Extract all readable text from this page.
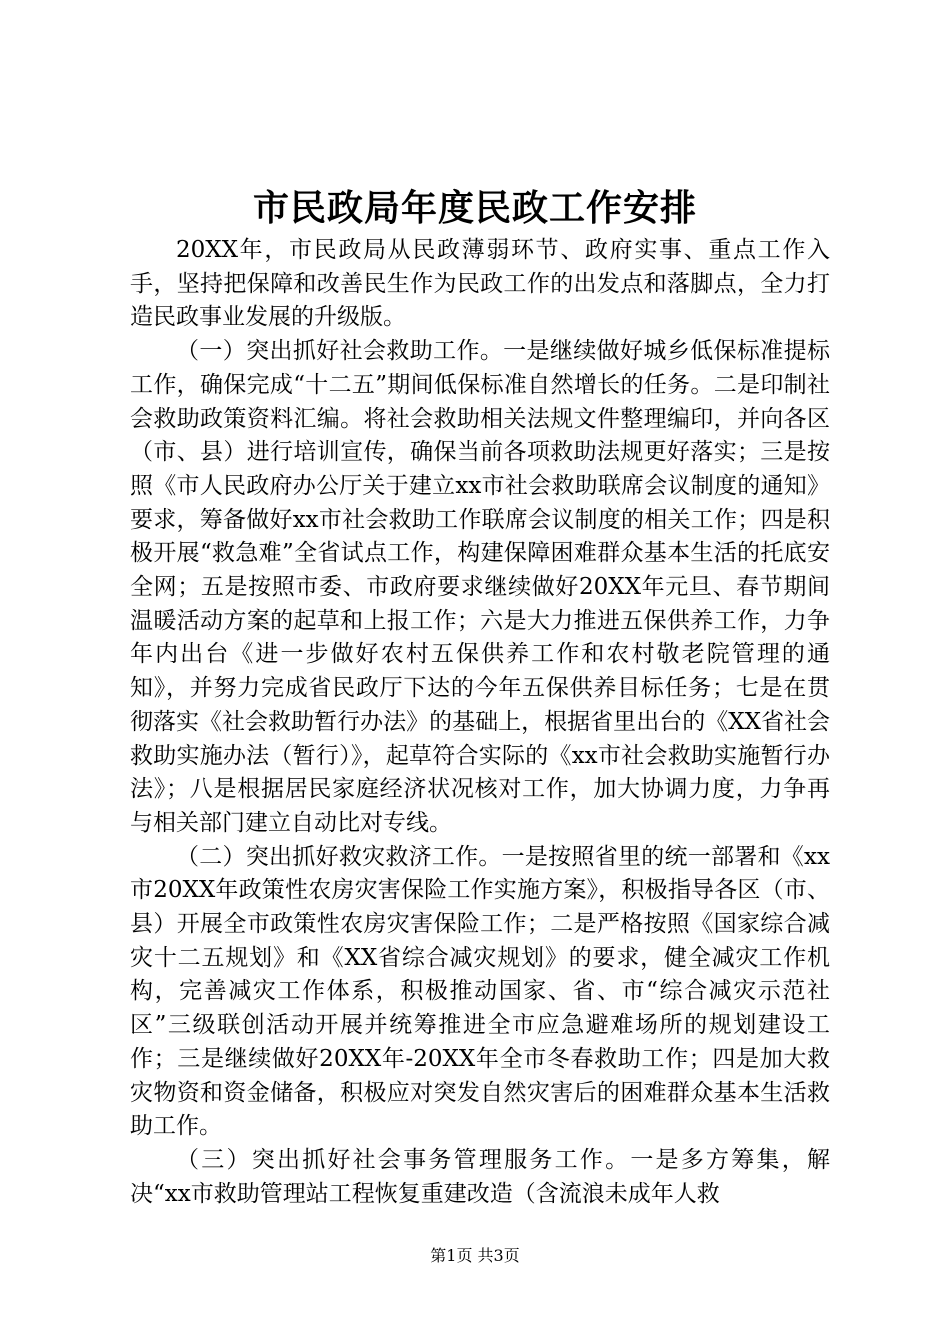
市民政局年度民政工作安排

20XX年，市民政局从民政薄弱环节、政府实事、重点工作入手，坚持把保障和改善民生作为民政工作的出发点和落脚点，全力打造民政事业发展的升级版。

（一）突出抓好社会救助工作。一是继续做好城乡低保标准提标工作，确保完成“十二五”期间低保标准自然增长的任务。二是印制社会救助政策资料汇编。将社会救助相关法规文件整理编印，并向各区（市、县）进行培训宣传，确保当前各项救助法规更好落实；三是按照《市人民政府办公厅关于建立xx市社会救助联席会议制度的通知》要求，筹备做好xx市社会救助工作联席会议制度的相关工作；四是积极开展“救急难”全省试点工作，构建保障困难群众基本生活的托底安全网；五是按照市委、市政府要求继续做好20XX年元旦、春节期间温暖活动方案的起草和上报工作；六是大力推进五保供养工作，力争年内出台《进一步做好农村五保供养工作和农村敬老院管理的通知》，并努力完成省民政厅下达的今年五保供养目标任务；七是在贯彻落实《社会救助暂行办法》的基础上，根据省里出台的《XX省社会救助实施办法（暂行）》，起草符合实际的《xx市社会救助实施暂行办法》；八是根据居民家庭经济状况核对工作，加大协调力度，力争再与相关部门建立自动比对专线。

（二）突出抓好救灾救济工作。一是按照省里的统一部署和《xx市20XX年政策性农房灾害保险工作实施方案》，积极指导各区（市、县）开展全市政策性农房灾害保险工作；二是严格按照《国家综合减灾十二五规划》和《XX省综合减灾规划》的要求，健全减灾工作机构，完善减灾工作体系，积极推动国家、省、市“综合减灾示范社区”三级联创活动开展并统筹推进全市应急避难场所的规划建设工作；三是继续做好20XX年-20XX年全市冬春救助工作；四是加大救灾物资和资金储备，积极应对突发自然灾害后的困难群众基本生活救助工作。

（三）突出抓好社会事务管理服务工作。一是多方筹集，解决“xx市救助管理站工程恢复重建改造（含流浪未成年人救

第1页 共3页
